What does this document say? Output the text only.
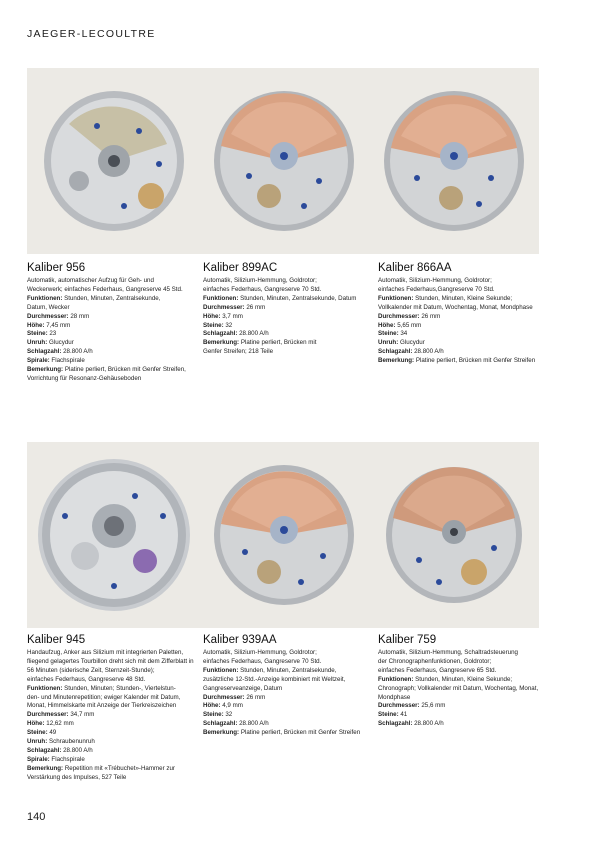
JAEGER-LECOULTRE
Kaliber 956
Automatik, automatischer Aufzug für Geh- und
Weckerwerk; einfaches Federhaus, Gangreserve 45 Std.
Funktionen: Stunden, Minuten, Zentralsekunde,
Datum, Wecker
Durchmesser: 28 mm
Höhe: 7,45 mm
Steine: 23
Unruh: Glucydur
Schlagzahl: 28.800 A/h
Spirale: Flachspirale
Bemerkung: Platine perliert, Brücken mit Genfer Streifen,
Vorrichtung für Resonanz-Gehäuseboden
Kaliber 899AC
Automatik, Silizium-Hemmung, Goldrotor;
einfaches Federhaus, Gangreserve 70 Std.
Funktionen: Stunden, Minuten, Zentralsekunde, Datum
Durchmesser: 26 mm
Höhe: 3,7 mm
Steine: 32
Schlagzahl: 28.800 A/h
Bemerkung: Platine perliert, Brücken mit
Genfer Streifen; 218 Teile
Kaliber 866AA
Automatik, Silizium-Hemmung, Goldrotor;
einfaches Federhaus,Gangreserve 70 Std.
Funktionen: Stunden, Minuten, Kleine Sekunde;
Vollkalender mit Datum, Wochentag, Monat, Mondphase
Durchmesser: 26 mm
Höhe: 5,65 mm
Steine: 34
Unruh: Glucydur
Schlagzahl: 28.800 A/h
Bemerkung: Platine perliert, Brücken mit Genfer Streifen
Kaliber 945
Handaufzug, Anker aus Silizium mit integrierten Paletten,
fliegend gelagertes Tourbillon dreht sich mit dem Zifferblatt in
56 Minuten (siderische Zeit, Sternzeit-Stunde);
einfaches Federhaus, Gangreserve 48 Std.
Funktionen: Stunden, Minuten; Stunden-, Viertelstun-
den- und Minutenrepetition; ewiger Kalender mit Datum,
Monat, Himmelskarte mit Anzeige der Tierkreiszeichen
Durchmesser: 34,7 mm
Höhe: 12,62 mm
Steine: 49
Unruh: Schraubenunruh
Schlagzahl: 28.800 A/h
Spirale: Flachspirale
Bemerkung: Repetition mit «Trébuchet»-Hammer zur
Verstärkung des Impulses, 527 Teile
Kaliber 939AA
Automatik, Silizium-Hemmung, Goldrotor;
einfaches Federhaus, Gangreserve 70 Std.
Funktionen: Stunden, Minuten, Zentralsekunde,
zusätzliche 12-Std.-Anzeige kombiniert mit Weltzeit,
Gangreserveanzeige, Datum
Durchmesser: 26 mm
Höhe: 4,9 mm
Steine: 32
Schlagzahl: 28.800 A/h
Bemerkung: Platine perliert, Brücken mit Genfer Streifen
Kaliber 759
Automatik, Silizium-Hemmung, Schaltradsteuerung
der Chronographenfunktionen, Goldrotor;
einfaches Federhaus, Gangreserve 65 Std.
Funktionen: Stunden, Minuten, Kleine Sekunde;
Chronograph; Vollkalender mit Datum, Wochentag, Monat,
Mondphase
Durchmesser: 25,6 mm
Steine: 41
Schlagzahl: 28.800 A/h
140
